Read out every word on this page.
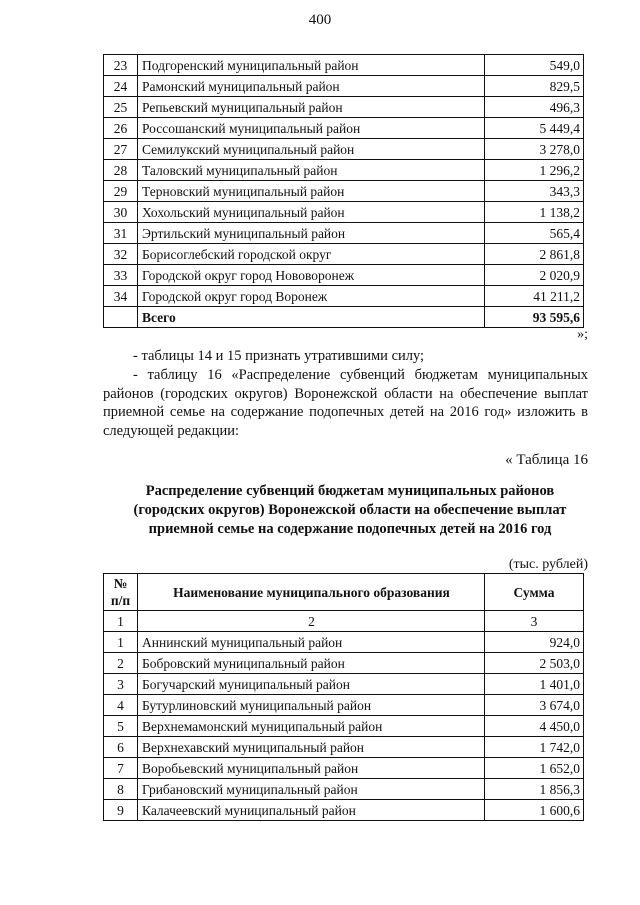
400
23	Подгоренский муниципальный район	549,0
24	Рамонский муниципальный район	829,5
25	Репьевский муниципальный район	496,3
26	Россошанский муниципальный район	5 449,4
27	Семилукский муниципальный район	3 278,0
28	Таловский муниципальный район	1 296,2
29	Терновский муниципальный район	343,3
30	Хохольский муниципальный район	1 138,2
31	Эртильский муниципальный район	565,4
32	Борисоглебский городской округ	2 861,8
33	Городской округ город Нововоронеж	2 020,9
34	Городской округ город Воронеж	41 211,2
	Всего	93 595,6
»;
- таблицы 14 и 15 признать утратившими силу;
- таблицу 16 «Распределение субвенций бюджетам муниципальных районов (городских округов) Воронежской области на обеспечение выплат приемной семье на содержание подопечных детей на 2016 год» изложить в следующей редакции:
« Таблица 16
Распределение субвенций бюджетам муниципальных районов (городских округов) Воронежской области на обеспечение выплат приемной семье на содержание подопечных детей на 2016 год
(тыс. рублей)
№ п/п	Наименование муниципального образования	Сумма
1	2	3
1	Аннинский муниципальный район	924,0
2	Бобровский муниципальный район	2 503,0
3	Богучарский муниципальный район	1 401,0
4	Бутурлиновский муниципальный район	3 674,0
5	Верхнемамонский муниципальный район	4 450,0
6	Верхнехавский муниципальный район	1 742,0
7	Воробьевский муниципальный район	1 652,0
8	Грибановский муниципальный район	1 856,3
9	Калачеевский муниципальный район	1 600,6
